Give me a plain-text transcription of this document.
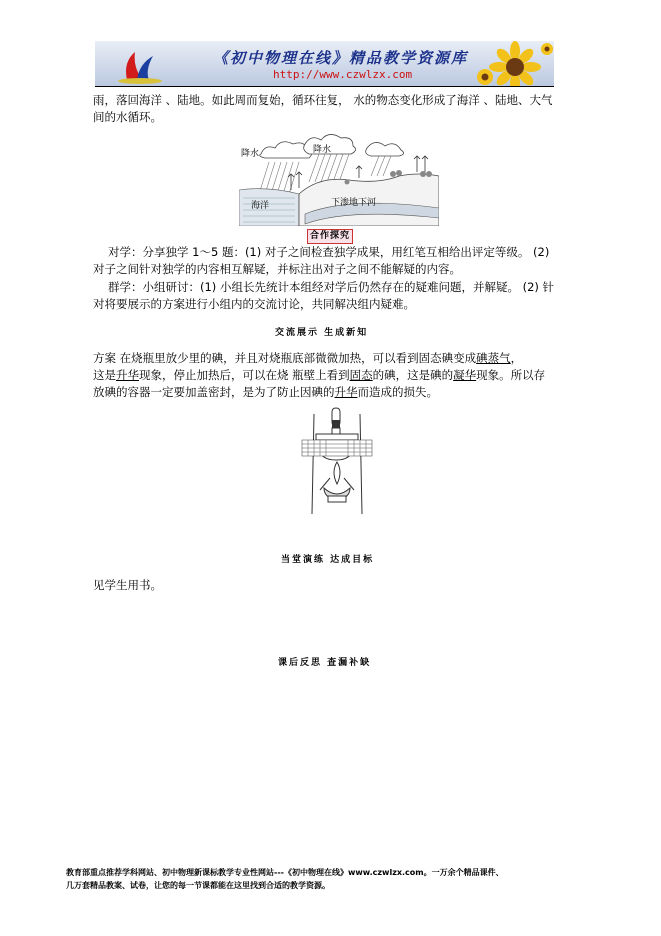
《初中物理在线》精品教学资源库
http://www.czwlzx.com
雨，落回海洋 、陆地。如此周而复始，循环往复， 水的物态变化形成了海洋 、陆地、大气
间的水循环。
降水	降水
海洋	下渗地下河
合作探究
对学：分享独学 1～5 题：(1) 对子之间检查独学成果，用红笔互相给出评定等级。 (2)
对子之间针对独学的内容相互解疑，并标注出对子之间不能解疑的内容。
群学：小组研讨：(1) 小组长先统计本组经对学后仍然存在的疑难问题，并解疑。 (2) 针
对将要展示的方案进行小组内的交流讨论，共同解决组内疑难。
交流展示 生成新知
方案 在烧瓶里放少里的碘，并且对烧瓶底部微微加热，可以看到固态碘变成碘蒸气，
这是升华现象，停止加热后，可以在烧 瓶壁上看到固态的碘，这是碘的凝华现象。所以存
放碘的容器一定要加盖密封，是为了防止因碘的升华而造成的损失。
当堂演练 达成目标
见学生用书。
课后反思 查漏补缺
教育部重点推荐学科网站、初中物理新课标教学专业性网站---《初中物理在线》www.czwlzx.com。一万余个精品课件、
几万套精品教案、试卷，让您的每一节课都能在这里找到合适的教学资源。
